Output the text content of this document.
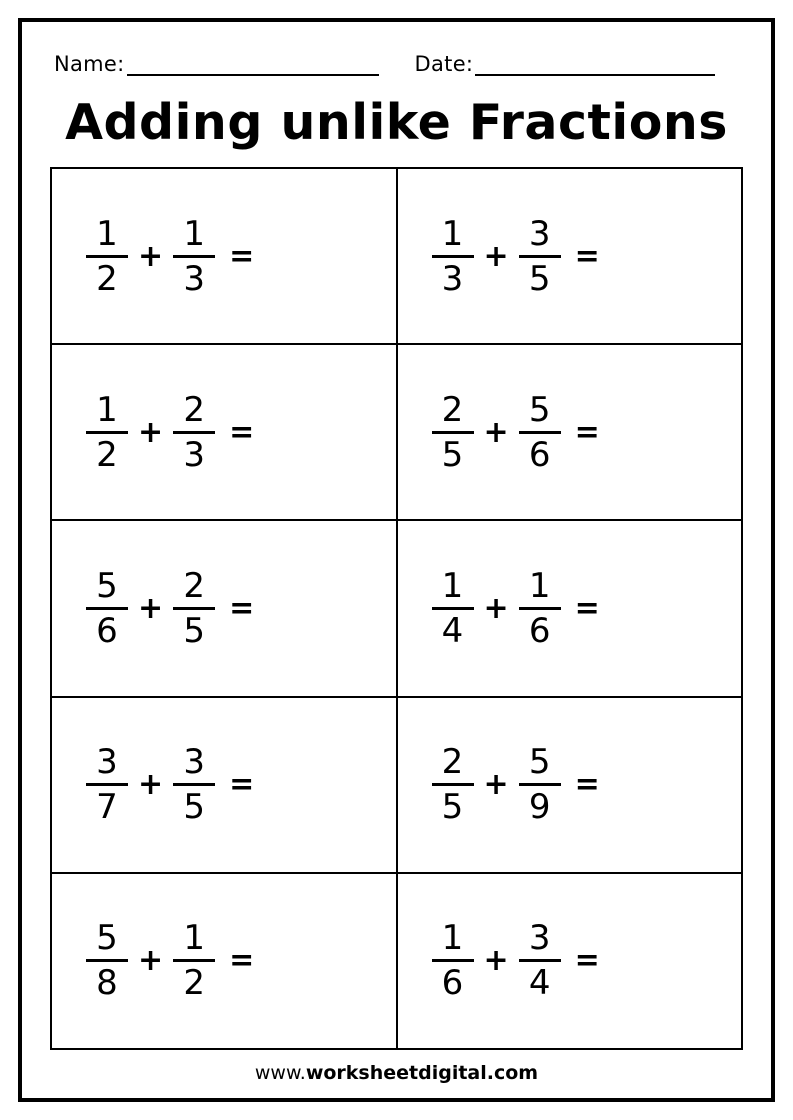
Name:	Date:
Adding unlike Fractions
$\frac{1}{2} + \frac{1}{3}$ =	$\frac{1}{3} + \frac{3}{5}$ =
$\frac{1}{2} + \frac{2}{3}$ =	$\frac{2}{5} + \frac{5}{6}$ =
$\frac{5}{6} + \frac{2}{5}$ =	$\frac{1}{4} + \frac{1}{6}$ =
$\frac{3}{7} + \frac{3}{5}$ =	$\frac{2}{5} + \frac{5}{9}$ =
$\frac{5}{8} + \frac{1}{2}$ =	$\frac{1}{6} + \frac{3}{4}$ =
www.worksheetdigital.com
